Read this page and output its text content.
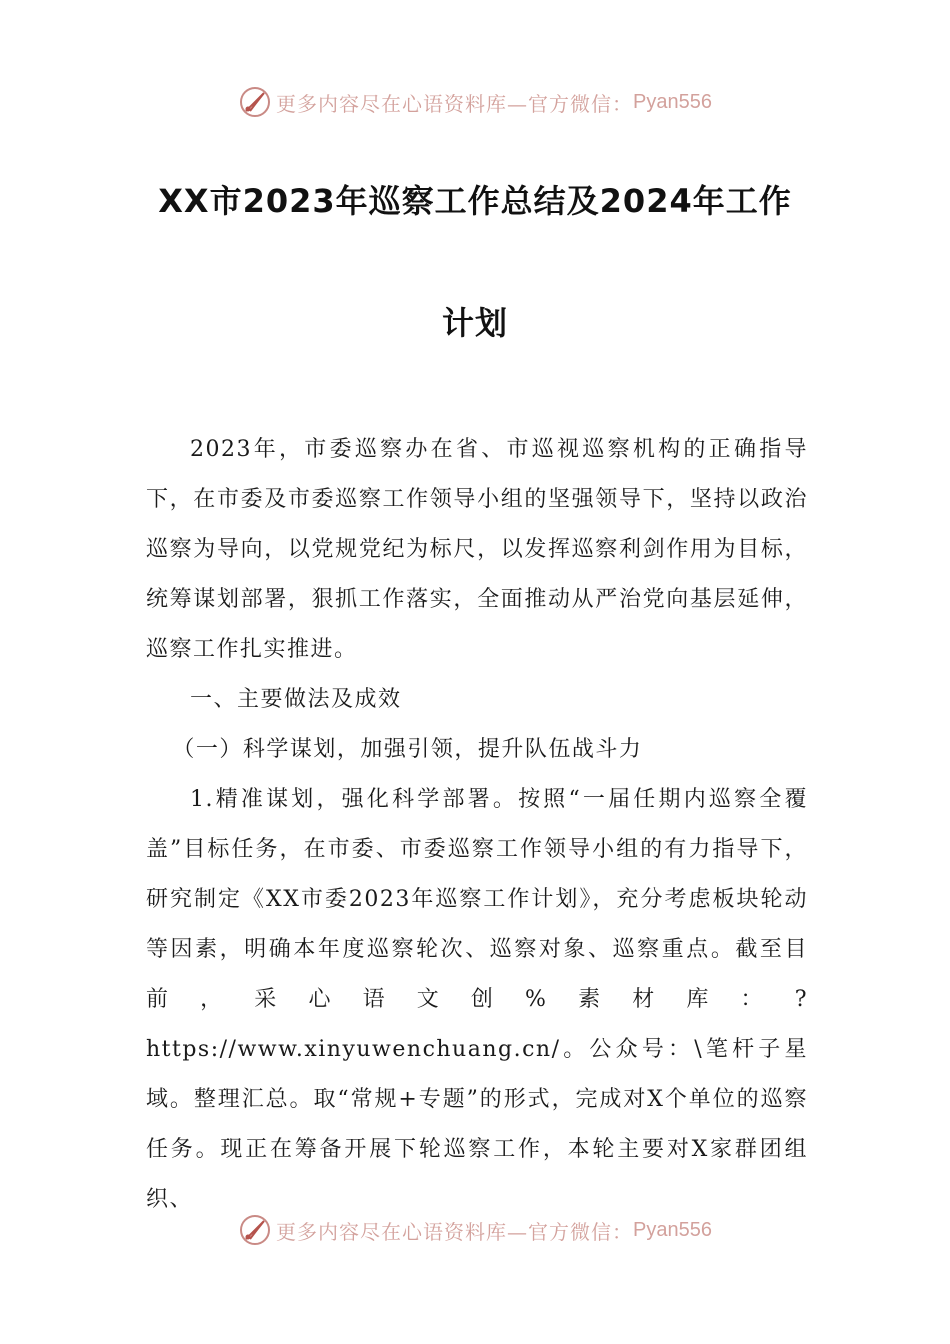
更多内容尽在心语资料库—官方微信： Pyan556
XX市2023年巡察工作总结及2024年工作
计划

2023年，市委巡察办在省、市巡视巡察机构的正确指导下，在市委及市委巡察工作领导小组的坚强领导下，坚持以政治巡察为导向，以党规党纪为标尺，以发挥巡察利剑作用为目标，统筹谋划部署，狠抓工作落实，全面推动从严治党向基层延伸，巡察工作扎实推进。

一、主要做法及成效

（一）科学谋划，加强引领，提升队伍战斗力

1.精准谋划，强化科学部署。按照“一届任期内巡察全覆盖”目标任务，在市委、市委巡察工作领导小组的有力指导下，研究制定《XX市委2023年巡察工作计划》，充分考虑板块轮动等因素，明确本年度巡察轮次、巡察对象、巡察重点。截至目前，采心语文创%素材库：?https://www.xinyuwenchuang.cn/。公众号：\笔杆子星域。整理汇总。取“常规+专题”的形式，完成对X个单位的巡察任务。现正在筹备开展下轮巡察工作，本轮主要对X家群团组织、

更多内容尽在心语资料库—官方微信： Pyan556
